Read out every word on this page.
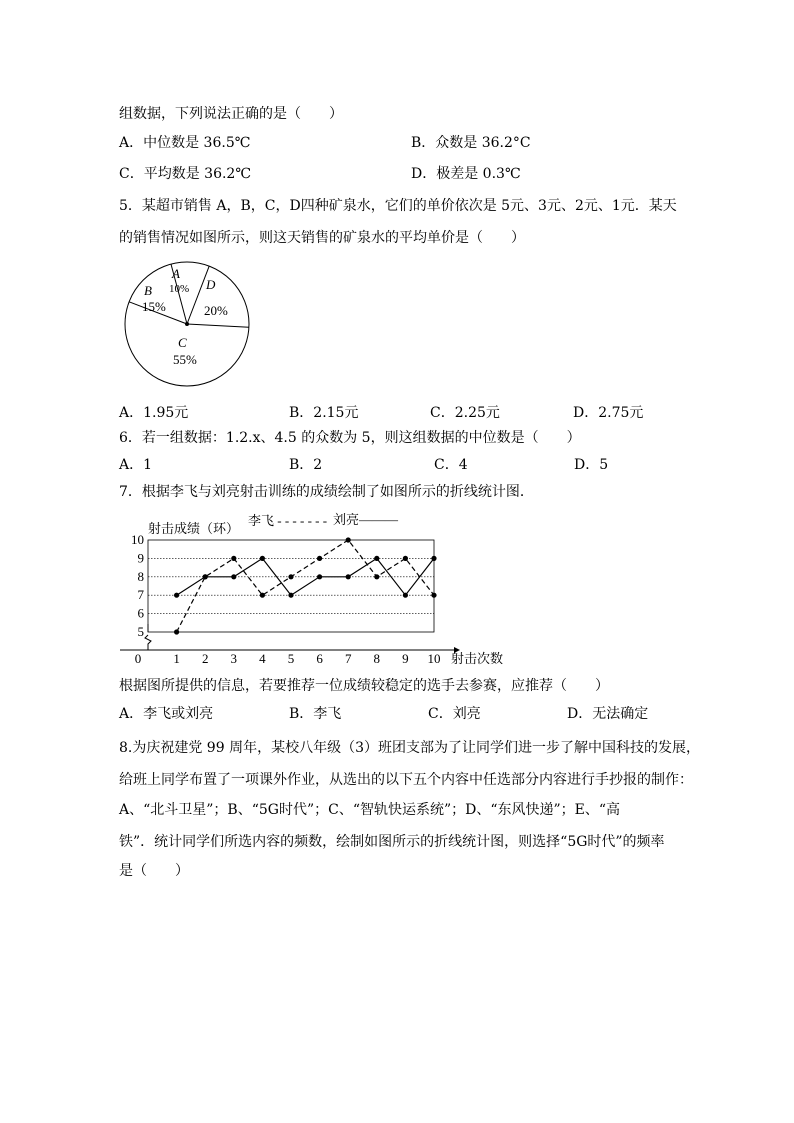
组数据，下列说法正确的是（　　）
A．中位数是 36.5℃	B．众数是 36.2°C
C．平均数是 36.2℃	D．极差是 0.3℃
5．某超市销售 A，B，C，D四种矿泉水，它们的单价依次是 5元、3元、2元、1元．某天
的销售情况如图所示，则这天销售的矿泉水的平均单价是（　　）
A
10%
B
15%
D
20%
C
55%
A．1.95元	B．2.15元	C．2.25元	D．2.75元
6．若一组数据：1.2.x、4.5 的众数为 5，则这组数据的中位数是（　　）
A．1	B．2	C．4	D．5
7．根据李飞与刘亮射击训练的成绩绘制了如图所示的折线统计图．
射击成绩（环）
李飞 - - - - - - - 刘亮———
5
6
7
8
9
10
0 1 2 3 4 5 6 7 8 9 10 射击次数
根据图所提供的信息，若要推荐一位成绩较稳定的选手去参赛，应推荐（　　）
A．李飞或刘亮	B．李飞	C．刘亮	D．无法确定
8.为庆祝建党 99 周年，某校八年级（3）班团支部为了让同学们进一步了解中国科技的发展，
给班上同学布置了一项课外作业，从选出的以下五个内容中任选部分内容进行手抄报的制作：
A、“北斗卫星”；B、“5G时代”；C、“智轨快运系统”；D、“东风快递”；E、“高
铁”．统计同学们所选内容的频数，绘制如图所示的折线统计图，则选择“5G时代”的频率
是（　　）
